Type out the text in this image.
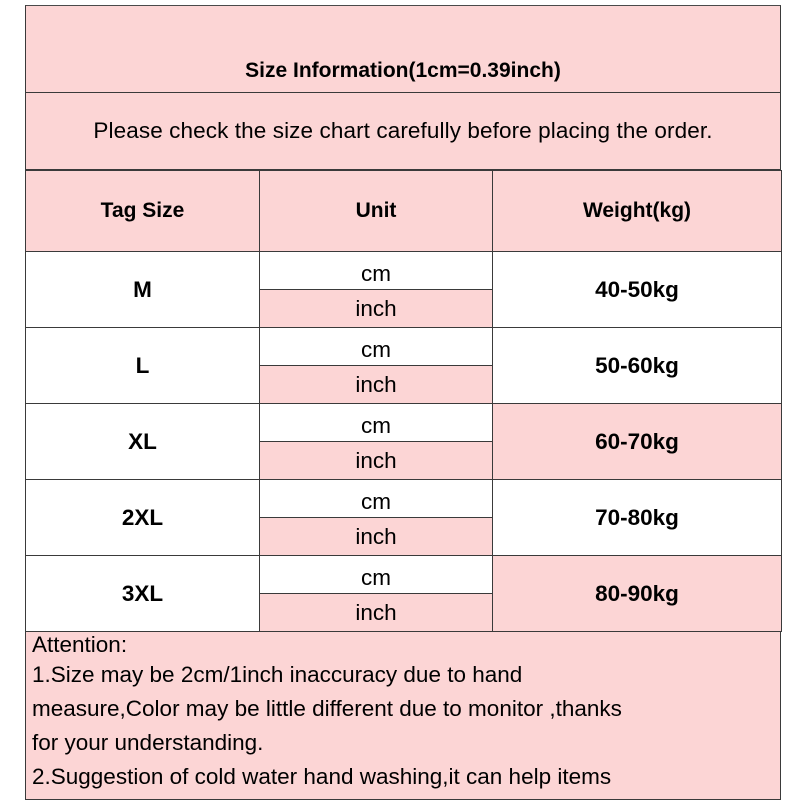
Size Information(1cm=0.39inch)
Please check the size chart carefully before placing the order.
Tag Size	Unit	Weight(kg)
M	cm	40-50kg
	inch	
L	cm	50-60kg
	inch	
XL	cm	60-70kg
	inch	
2XL	cm	70-80kg
	inch	
3XL	cm	80-90kg
	inch	

Attention:

1.Size may be 2cm/1inch inaccuracy due to hand

measure,Color may be little different due to monitor ,thanks

for your understanding.

2.Suggestion of cold water hand washing,it can help items
